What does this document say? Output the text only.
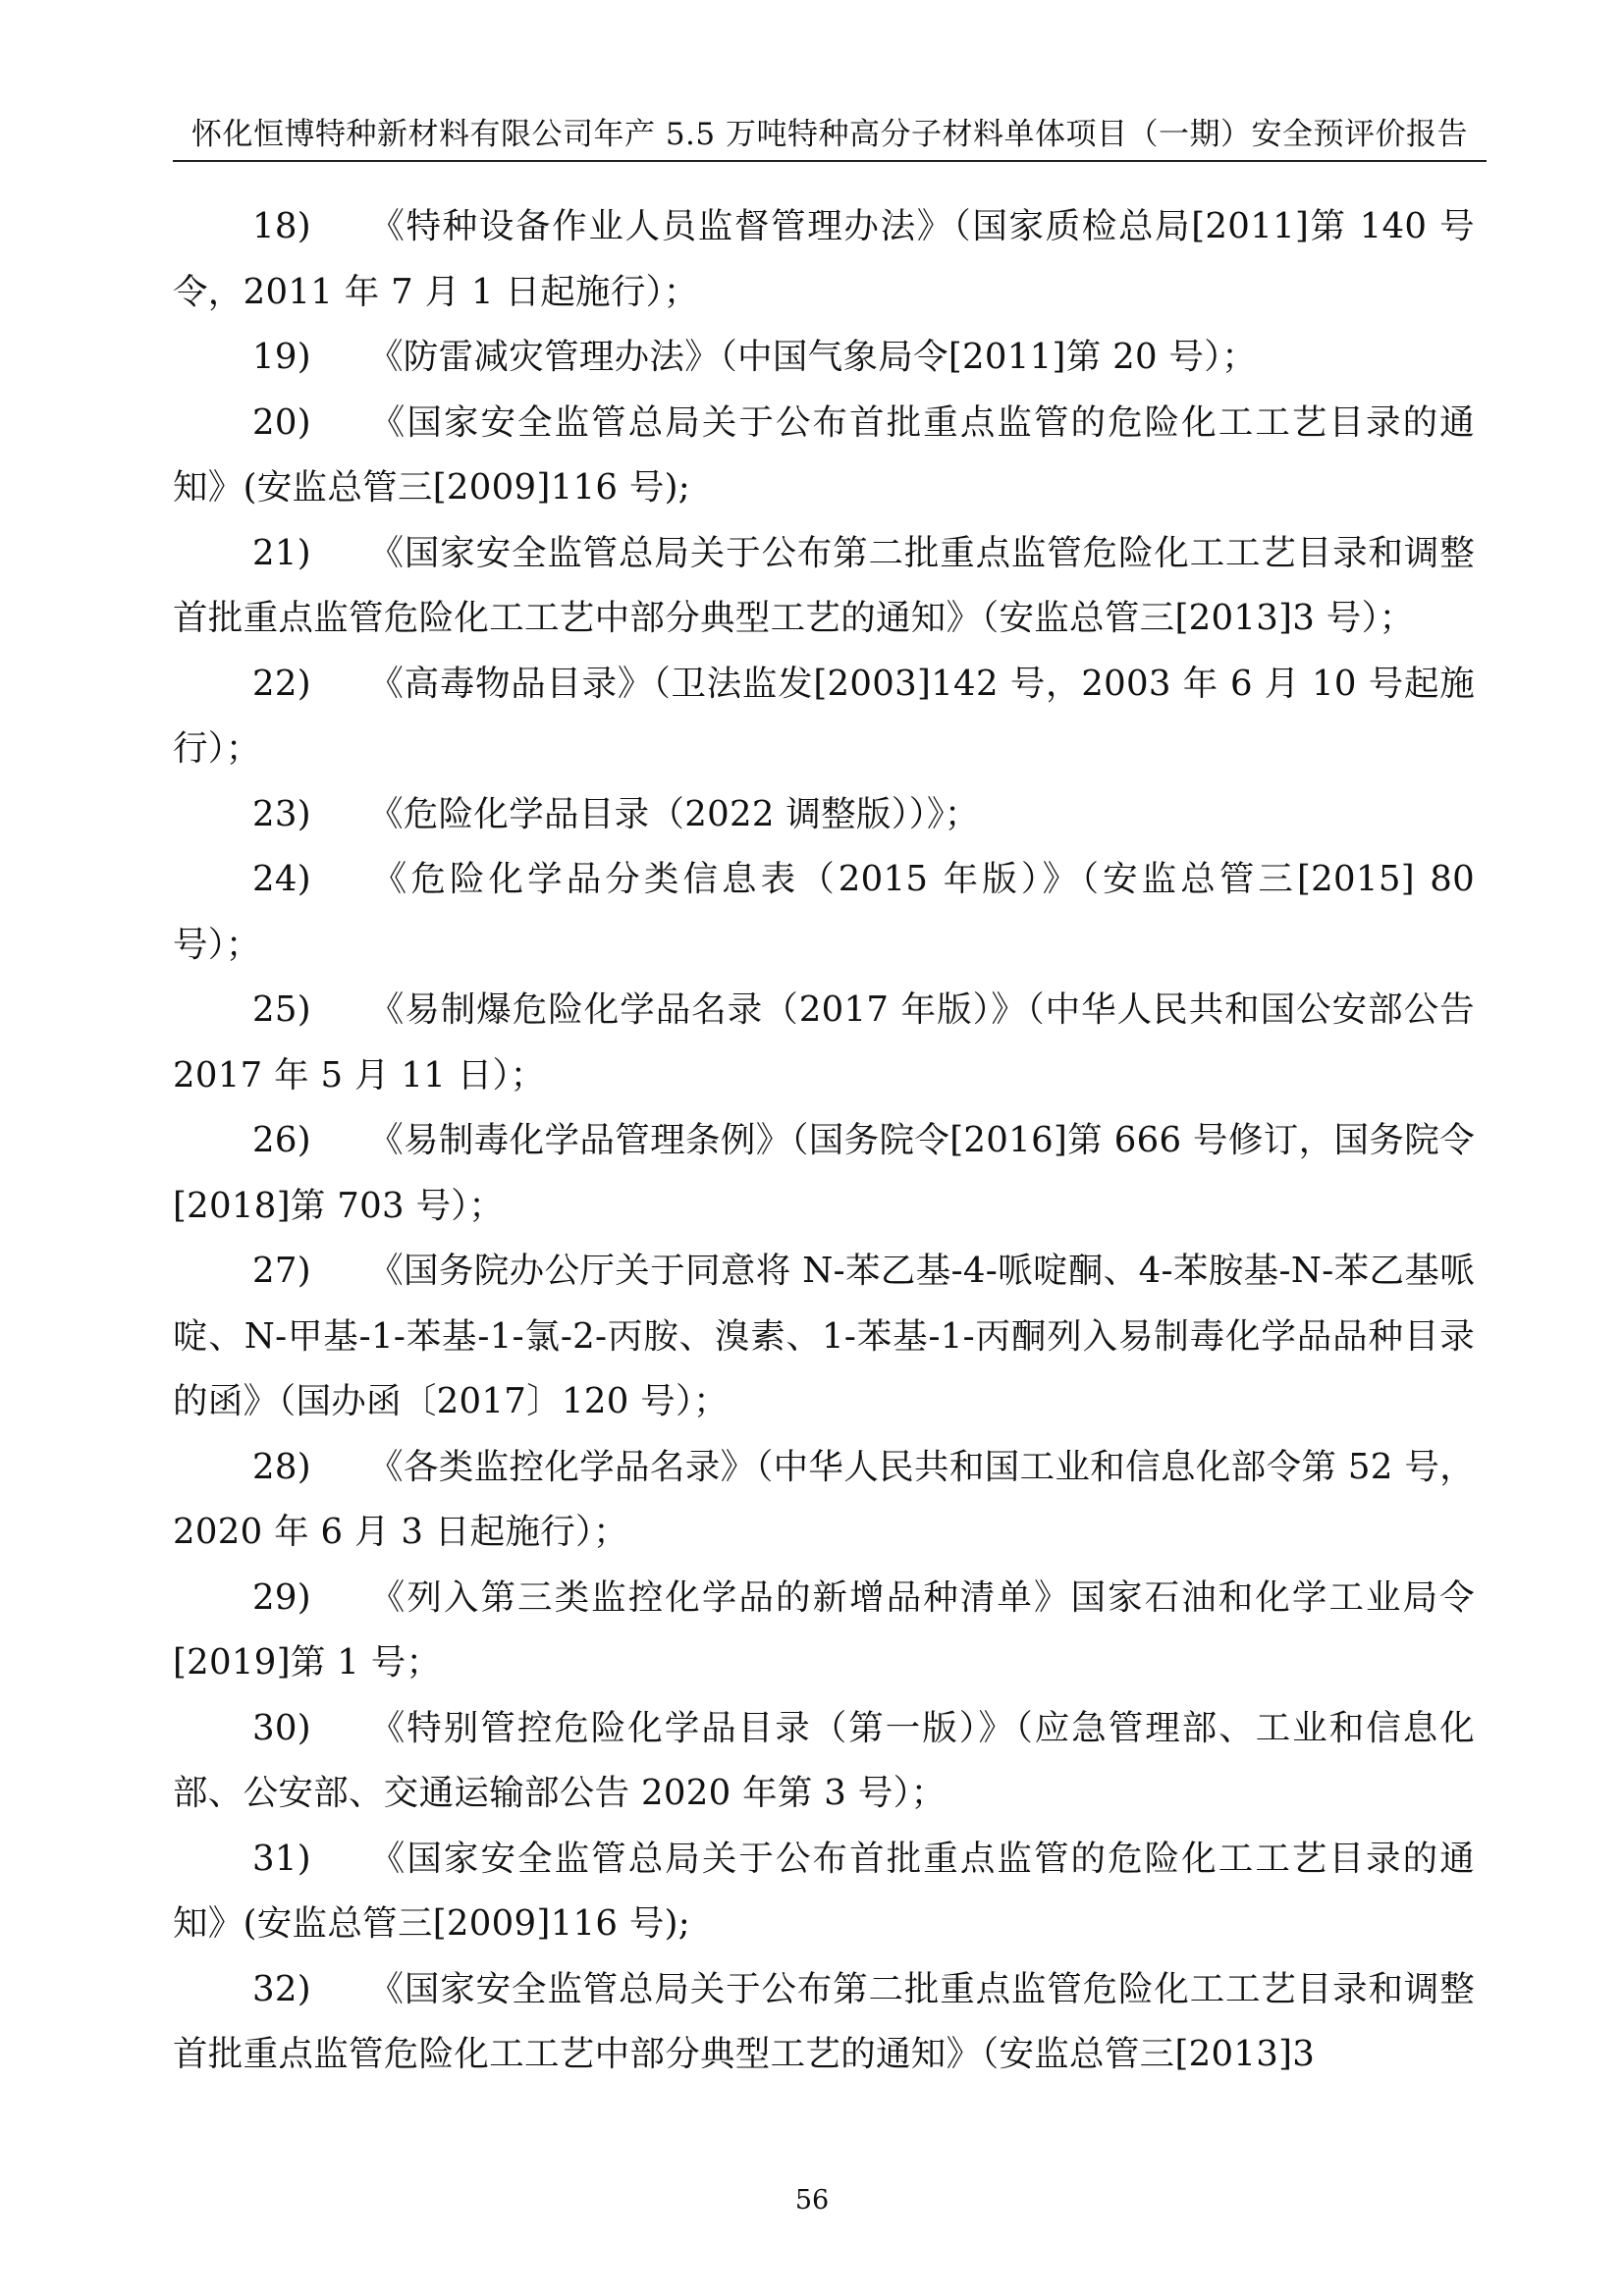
怀化恒博特种新材料有限公司年产 5.5 万吨特种高分子材料单体项目（一期）安全预评价报告
18) 《特种设备作业人员监督管理办法》（国家质检总局[2011]第 140 号令，2011 年 7 月 1 日起施行）；
19) 《防雷减灾管理办法》（中国气象局令[2011]第 20 号）；
20) 《国家安全监管总局关于公布首批重点监管的危险化工工艺目录的通知》(安监总管三[2009]116 号);
21) 《国家安全监管总局关于公布第二批重点监管危险化工工艺目录和调整首批重点监管危险化工工艺中部分典型工艺的通知》（安监总管三[2013]3 号）；
22) 《高毒物品目录》（卫法监发[2003]142 号，2003 年 6 月 10 号起施行）；
23) 《危险化学品目录（2022 调整版））》；
24) 《危险化学品分类信息表（2015 年版）》（安监总管三[2015] 80 号）；
25) 《易制爆危险化学品名录（2017 年版）》（中华人民共和国公安部公告 2017 年 5 月 11 日）；
26) 《易制毒化学品管理条例》（国务院令[2016]第 666 号修订，国务院令[2018]第 703 号）；
27) 《国务院办公厅关于同意将 N-苯乙基-4-哌啶酮、4-苯胺基-N-苯乙基哌啶、N-甲基-1-苯基-1-氯-2-丙胺、溴素、1-苯基-1-丙酮列入易制毒化学品品种目录的函》（国办函〔2017〕120 号）；
28) 《各类监控化学品名录》（中华人民共和国工业和信息化部令第 52 号，2020 年 6 月 3 日起施行）；
29) 《列入第三类监控化学品的新增品种清单》国家石油和化学工业局令[2019]第 1 号；
30) 《特别管控危险化学品目录（第一版）》（应急管理部、工业和信息化部、公安部、交通运输部公告 2020 年第 3 号）；
31) 《国家安全监管总局关于公布首批重点监管的危险化工工艺目录的通知》(安监总管三[2009]116 号);
32) 《国家安全监管总局关于公布第二批重点监管危险化工工艺目录和调整首批重点监管危险化工工艺中部分典型工艺的通知》（安监总管三[2013]3
56
